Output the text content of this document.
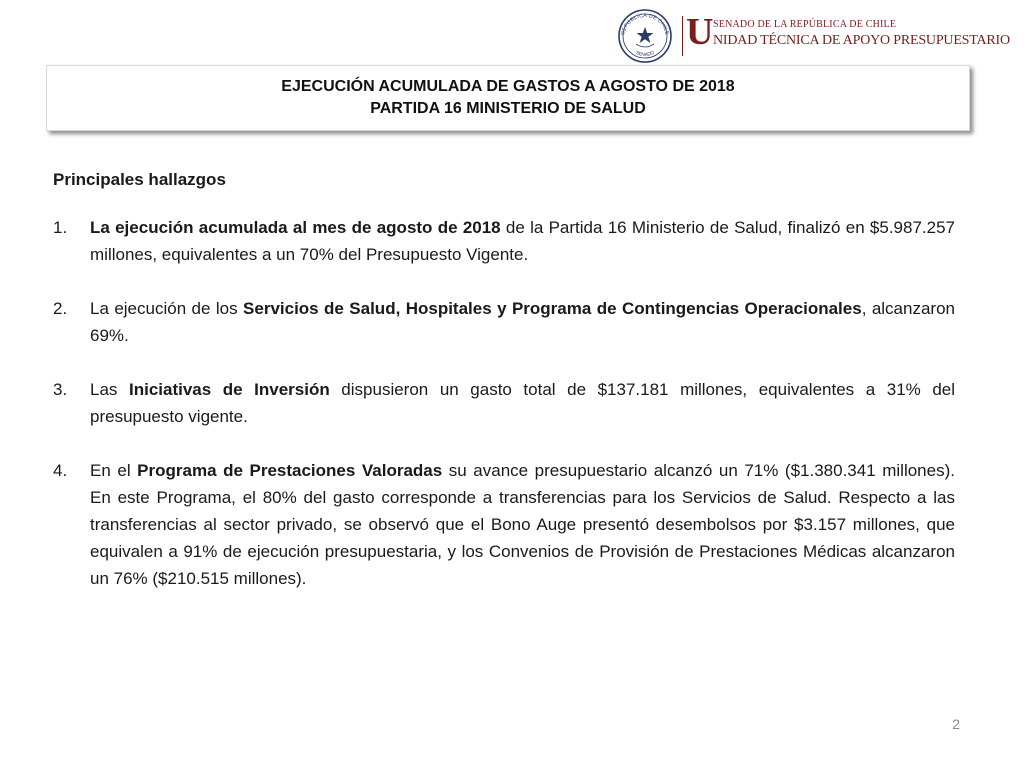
REPÚBLICA DE CHILE
SENADO
U SENADO DE LA REPÚBLICA DE CHILE
NIDAD TÉCNICA DE APOYO PRESUPUESTARIO
EJECUCIÓN ACUMULADA DE GASTOS A AGOSTO DE 2018
PARTIDA 16 MINISTERIO DE SALUD
Principales hallazgos
1. La ejecución acumulada al mes de agosto de 2018 de la Partida 16 Ministerio de Salud, finalizó en $5.987.257 millones, equivalentes a un 70% del Presupuesto Vigente.
2. La ejecución de los Servicios de Salud, Hospitales y Programa de Contingencias Operacionales, alcanzaron 69%.
3. Las Iniciativas de Inversión dispusieron un gasto total de $137.181 millones, equivalentes a 31% del presupuesto vigente.
4. En el Programa de Prestaciones Valoradas su avance presupuestario alcanzó un 71% ($1.380.341 millones). En este Programa, el 80% del gasto corresponde a transferencias para los Servicios de Salud. Respecto a las transferencias al sector privado, se observó que el Bono Auge presentó desembolsos por $3.157 millones, que equivalen a 91% de ejecución presupuestaria, y los Convenios de Provisión de Prestaciones Médicas alcanzaron un 76% ($210.515 millones).
2
